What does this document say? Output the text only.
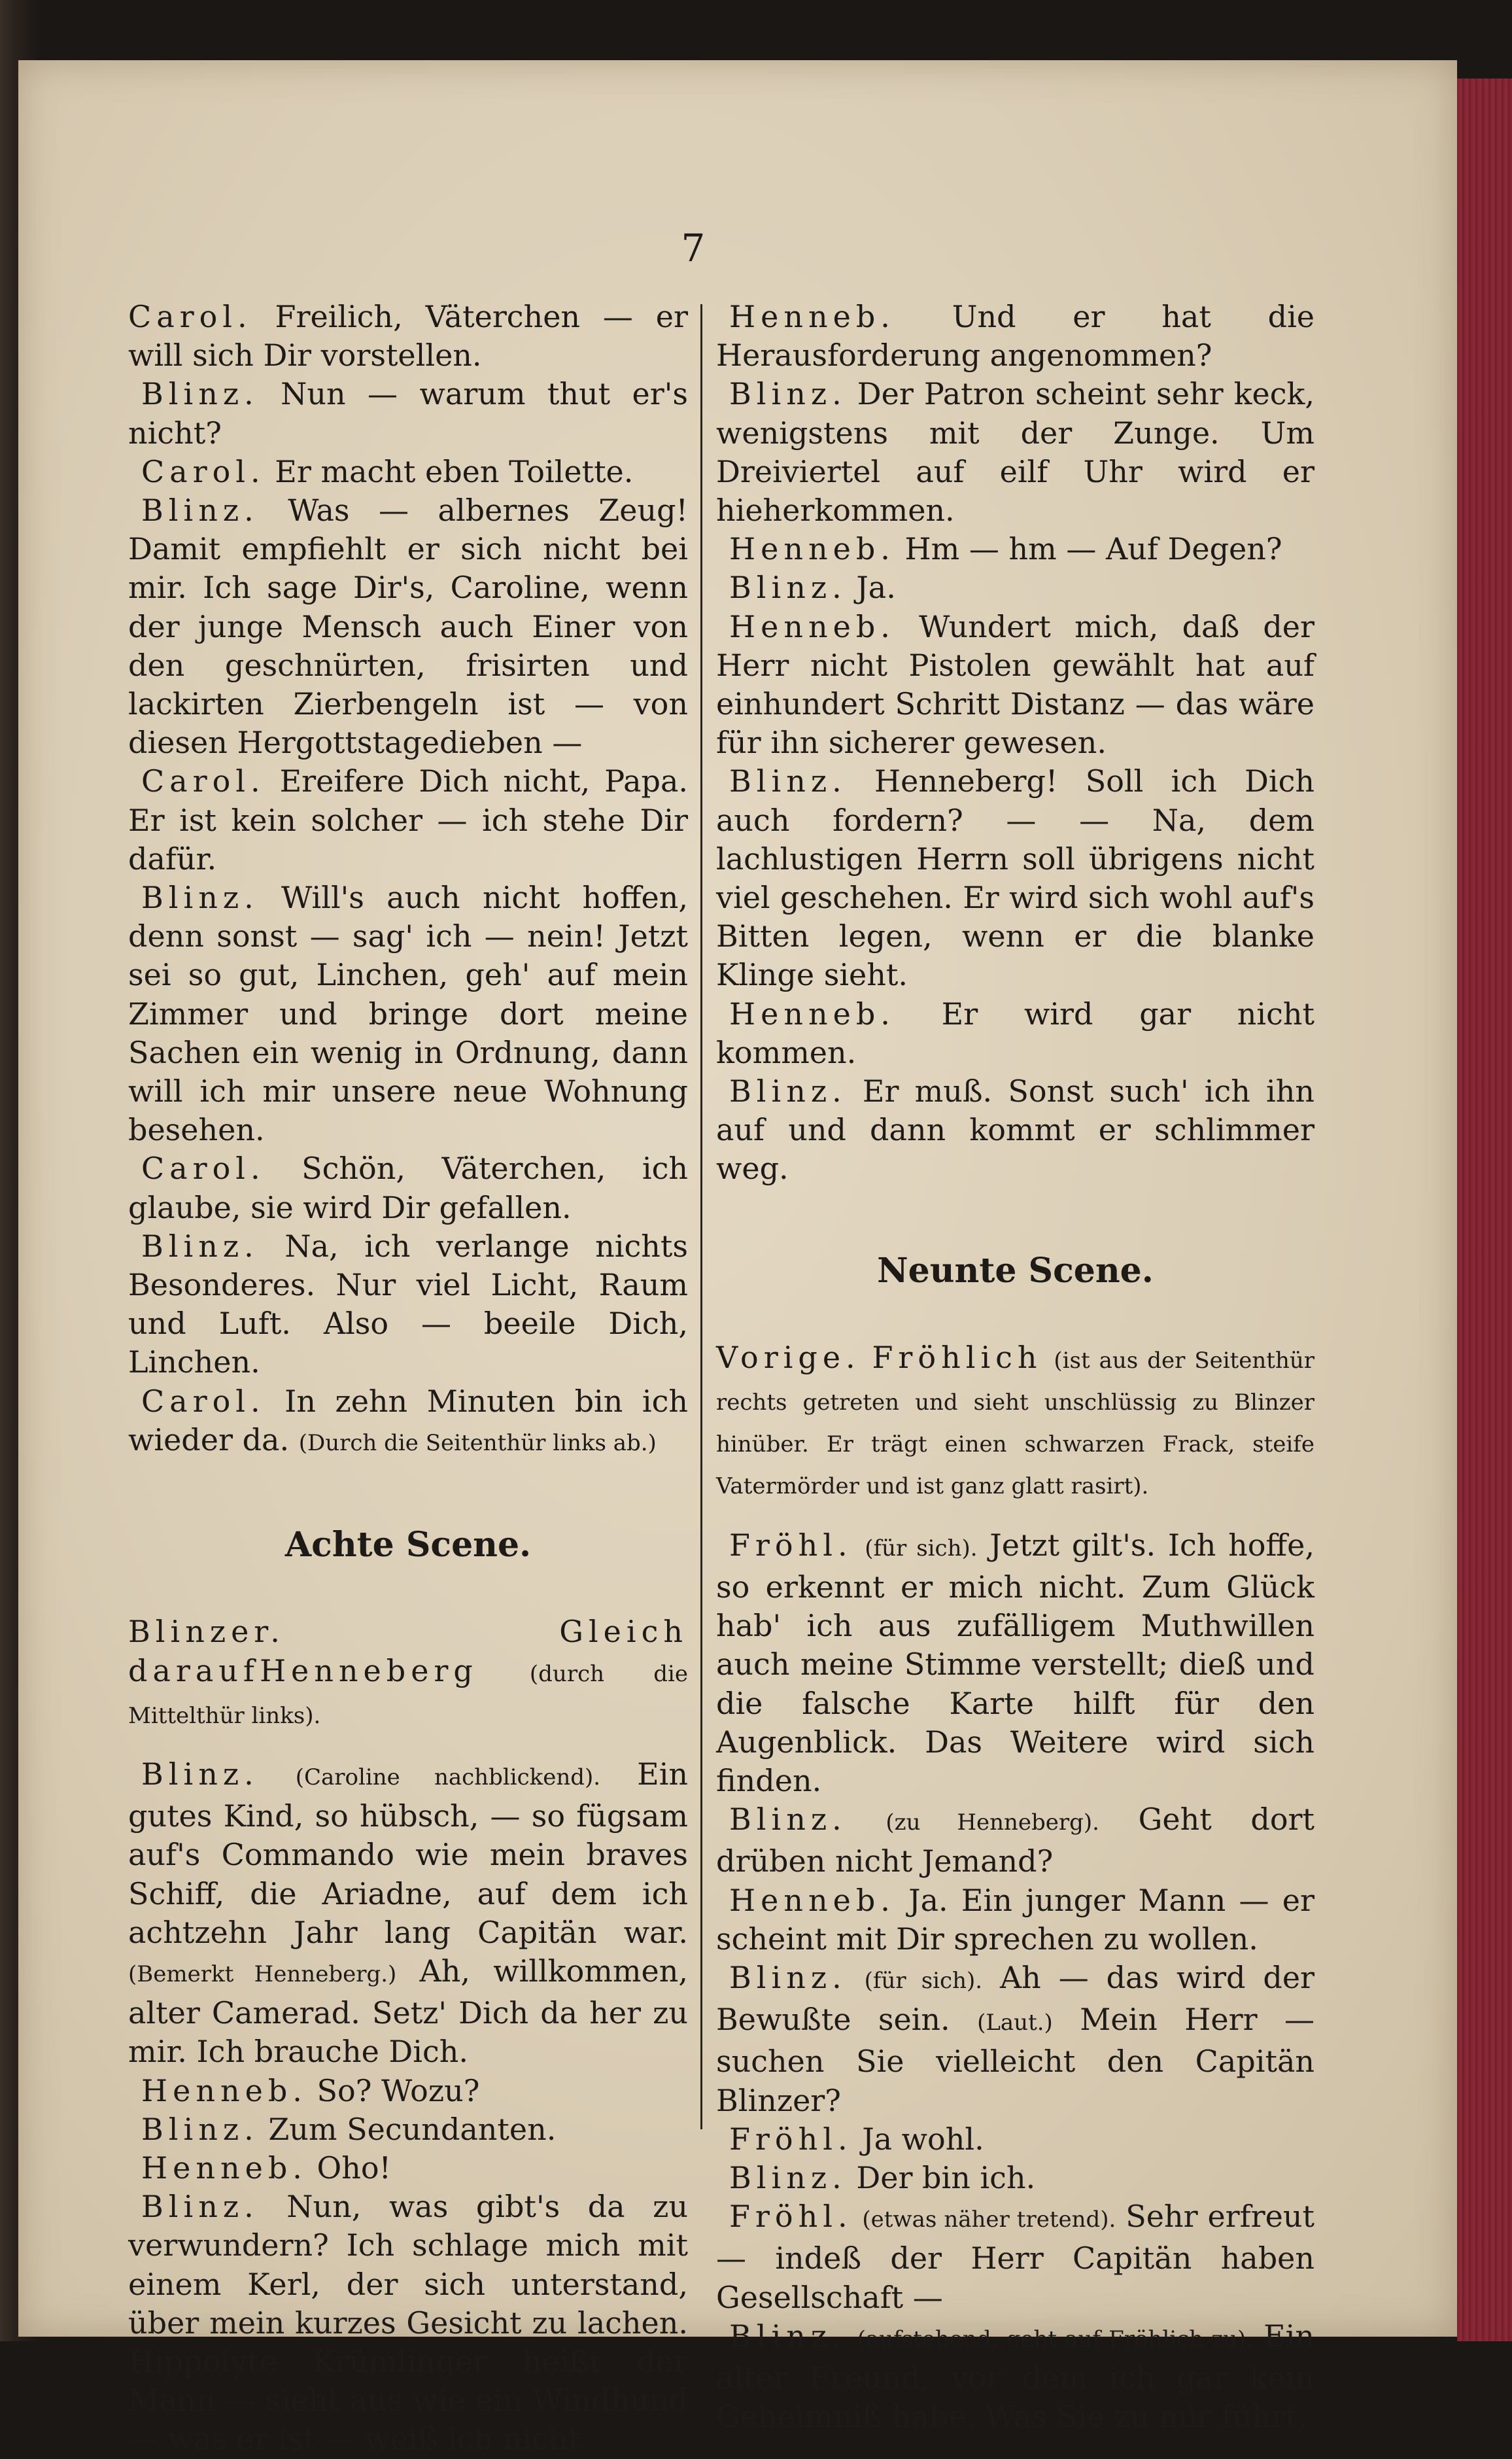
7

Carol. Freilich, Väterchen — er will sich Dir vorstellen.

Blinz. Nun — warum thut er's nicht?

Carol. Er macht eben Toilette.

Blinz. Was — albernes Zeug! Damit empfiehlt er sich nicht bei mir. Ich sage Dir's, Caroline, wenn der junge Mensch auch Einer von den geschnürten, frisirten und lackirten Zierbengeln ist — von diesen Hergottstagedieben —

Carol. Ereifere Dich nicht, Papa. Er ist kein solcher — ich stehe Dir dafür.

Blinz. Will's auch nicht hoffen, denn sonst — sag' ich — nein! Jetzt sei so gut, Linchen, geh' auf mein Zimmer und bringe dort meine Sachen ein wenig in Ordnung, dann will ich mir unsere neue Wohnung besehen.

Carol. Schön, Väterchen, ich glaube, sie wird Dir gefallen.

Blinz. Na, ich verlange nichts Besonderes. Nur viel Licht, Raum und Luft. Also — beeile Dich, Linchen.

Carol. In zehn Minuten bin ich wieder da. (Durch die Seitenthür links ab.)

Achte Scene.

Blinzer. Gleich daraufHenneberg (durch die Mittelthür links).

Blinz. (Caroline nachblickend). Ein gutes Kind, so hübsch, — so fügsam auf's Commando wie mein braves Schiff, die Ariadne, auf dem ich achtzehn Jahr lang Capitän war. (Bemerkt Henneberg.) Ah, willkommen, alter Camerad. Setz' Dich da her zu mir. Ich brauche Dich.

Henneb. So? Wozu?

Blinz. Zum Secundanten.

Henneb. Oho!

Blinz. Nun, was gibt's da zu verwundern? Ich schlage mich mit einem Kerl, der sich unterstand, über mein kurzes Gesicht zu lachen. Hippolyte Krümlinger heißt der Mann — sieht aus wie ein Windhund — was er ist — weiß ich nicht.

Henneb. Und er hat die Herausforderung angenommen?

Blinz. Der Patron scheint sehr keck, wenigstens mit der Zunge. Um Dreiviertel auf eilf Uhr wird er hieherkommen.

Henneb. Hm — hm — Auf Degen?

Blinz. Ja.

Henneb. Wundert mich, daß der Herr nicht Pistolen gewählt hat auf einhundert Schritt Distanz — das wäre für ihn sicherer gewesen.

Blinz. Henneberg! Soll ich Dich auch fordern? — — Na, dem lachlustigen Herrn soll übrigens nicht viel geschehen. Er wird sich wohl auf's Bitten legen, wenn er die blanke Klinge sieht.

Henneb. Er wird gar nicht kommen.

Blinz. Er muß. Sonst such' ich ihn auf und dann kommt er schlimmer weg.

Neunte Scene.

Vorige. Fröhlich (ist aus der Seitenthür rechts getreten und sieht unschlüssig zu Blinzer hinüber. Er trägt einen schwarzen Frack, steife Vatermörder und ist ganz glatt rasirt).

Fröhl. (für sich). Jetzt gilt's. Ich hoffe, so erkennt er mich nicht. Zum Glück hab' ich aus zufälligem Muthwillen auch meine Stimme verstellt; dieß und die falsche Karte hilft für den Augenblick. Das Weitere wird sich finden.

Blinz. (zu Henneberg). Geht dort drüben nicht Jemand?

Henneb. Ja. Ein junger Mann — er scheint mit Dir sprechen zu wollen.

Blinz. (für sich). Ah — das wird der Bewußte sein. (Laut.) Mein Herr — suchen Sie vielleicht den Capitän Blinzer?

Fröhl. Ja wohl.

Blinz. Der bin ich.

Fröhl. (etwas näher tretend). Sehr erfreut — indeß der Herr Capitän haben Gesellschaft —

Blinz. (aufstehend, geht auf Fröhlich zu). Ein alter Freund, vor dem ich gar kein Geheimniß habe. Was Sie zu mir führt,
